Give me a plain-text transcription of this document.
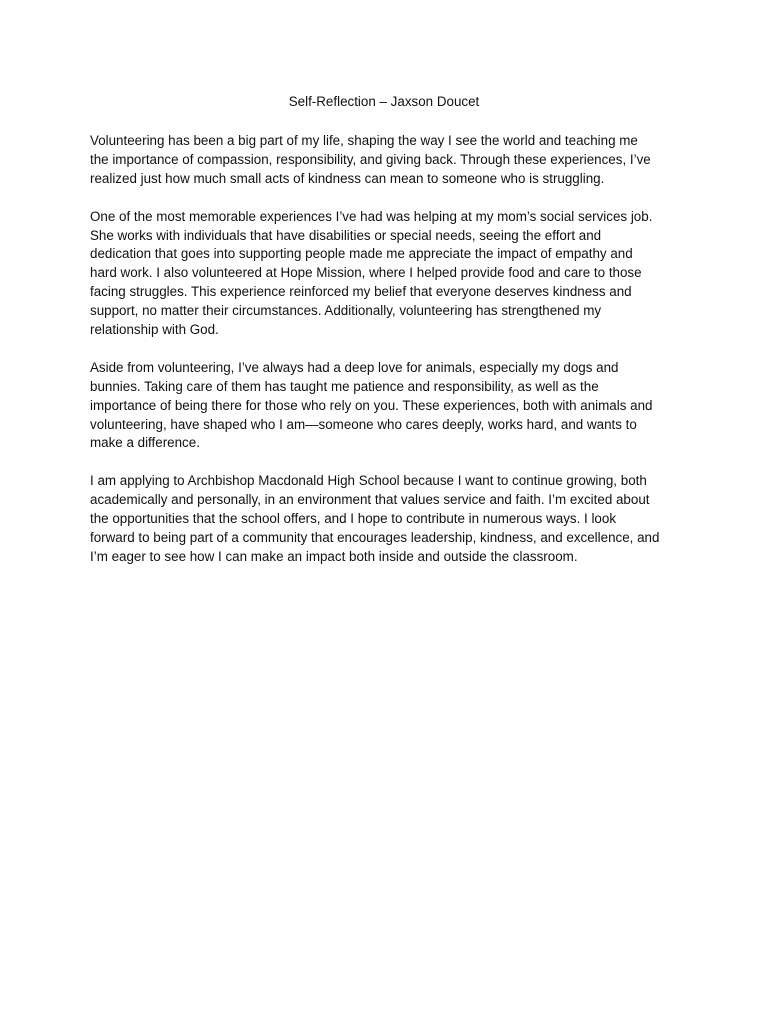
Self-Reflection – Jaxson Doucet

Volunteering has been a big part of my life, shaping the way I see the world and teaching me
the importance of compassion, responsibility, and giving back. Through these experiences, I’ve
realized just how much small acts of kindness can mean to someone who is struggling.

One of the most memorable experiences I’ve had was helping at my mom’s social services job.
She works with individuals that have disabilities or special needs, seeing the effort and
dedication that goes into supporting people made me appreciate the impact of empathy and
hard work. I also volunteered at Hope Mission, where I helped provide food and care to those
facing struggles. This experience reinforced my belief that everyone deserves kindness and
support, no matter their circumstances. Additionally, volunteering has strengthened my
relationship with God.

Aside from volunteering, I’ve always had a deep love for animals, especially my dogs and
bunnies. Taking care of them has taught me patience and responsibility, as well as the
importance of being there for those who rely on you. These experiences, both with animals and
volunteering, have shaped who I am—someone who cares deeply, works hard, and wants to
make a difference.

I am applying to Archbishop Macdonald High School because I want to continue growing, both
academically and personally, in an environment that values service and faith. I’m excited about
the opportunities that the school offers, and I hope to contribute in numerous ways. I look
forward to being part of a community that encourages leadership, kindness, and excellence, and
I’m eager to see how I can make an impact both inside and outside the classroom.
